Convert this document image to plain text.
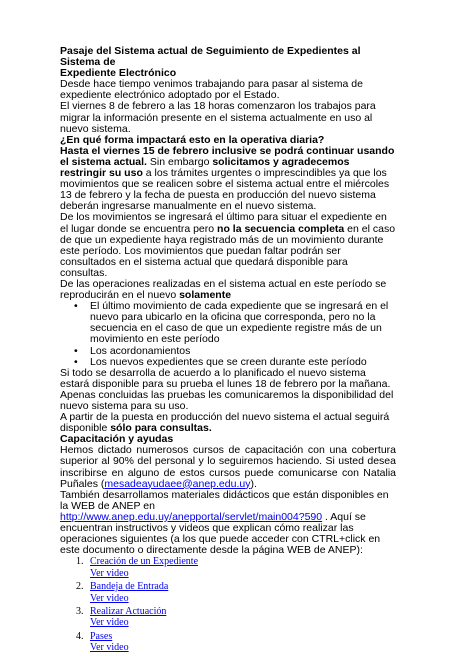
Pasaje del Sistema actual de Seguimiento de Expedientes al Sistema de
Expediente Electrónico

Desde hace tiempo venimos trabajando para pasar al sistema de expediente electrónico adoptado por el Estado.

El viernes 8 de febrero a las 18 horas comenzaron los trabajos para migrar la información presente en el sistema actualmente en uso al nuevo sistema.

¿En qué forma impactará esto en la operativa diaria?

Hasta el viernes 15 de febrero inclusive se podrá continuar usando el sistema actual. Sin embargo solicitamos y agradecemos restringir su uso a los trámites urgentes o imprescindibles ya que los movimientos que se realicen sobre el sistema actual entre el miércoles 13 de febrero y la fecha de puesta en producción del nuevo sistema deberán ingresarse manualmente en el nuevo sistema.

De los movimientos se ingresará el último para situar el expediente en el lugar donde se encuentra pero no la secuencia completa en el caso de que un expediente haya registrado más de un movimiento durante este período. Los movimientos que puedan faltar podrán ser consultados en el sistema actual que quedará disponible para consultas.

De las operaciones realizadas en el sistema actual en este período se reproducirán en el nuevo solamente

• El último movimiento de cada expediente que se ingresará en el nuevo para ubicarlo en la oficina que corresponda, pero no la secuencia en el caso de que un expediente registre más de un movimiento en este período
• Los acordonamientos
• Los nuevos expedientes que se creen durante este período

Si todo se desarrolla de acuerdo a lo planificado el nuevo sistema estará disponible para su prueba el lunes 18 de febrero por la mañana.

Apenas concluidas las pruebas les comunicaremos la disponibilidad del nuevo sistema para su uso.

A partir de la puesta en producción del nuevo sistema el actual seguirá disponible sólo para consultas.

Capacitación y ayudas

Hemos dictado numerosos cursos de capacitación con una cobertura superior al 90% del personal y lo seguiremos haciendo. Si usted desea inscribirse en alguno de estos cursos puede comunicarse con Natalia Puñales (mesadeayudaee@anep.edu.uy).

También desarrollamos materiales didácticos que están disponibles en la WEB de ANEP en http://www.anep.edu.uy/anepportal/servlet/main004?590 . Aquí se encuentran instructivos y videos que explican cómo realizar las operaciones siguientes (a los que puede acceder con CTRL+click en este documento o directamente desde la página WEB de ANEP):

1. Creación de un Expediente
Ver video
2. Bandeja de Entrada
Ver video
3. Realizar Actuación
Ver video
4. Pases
Ver video
